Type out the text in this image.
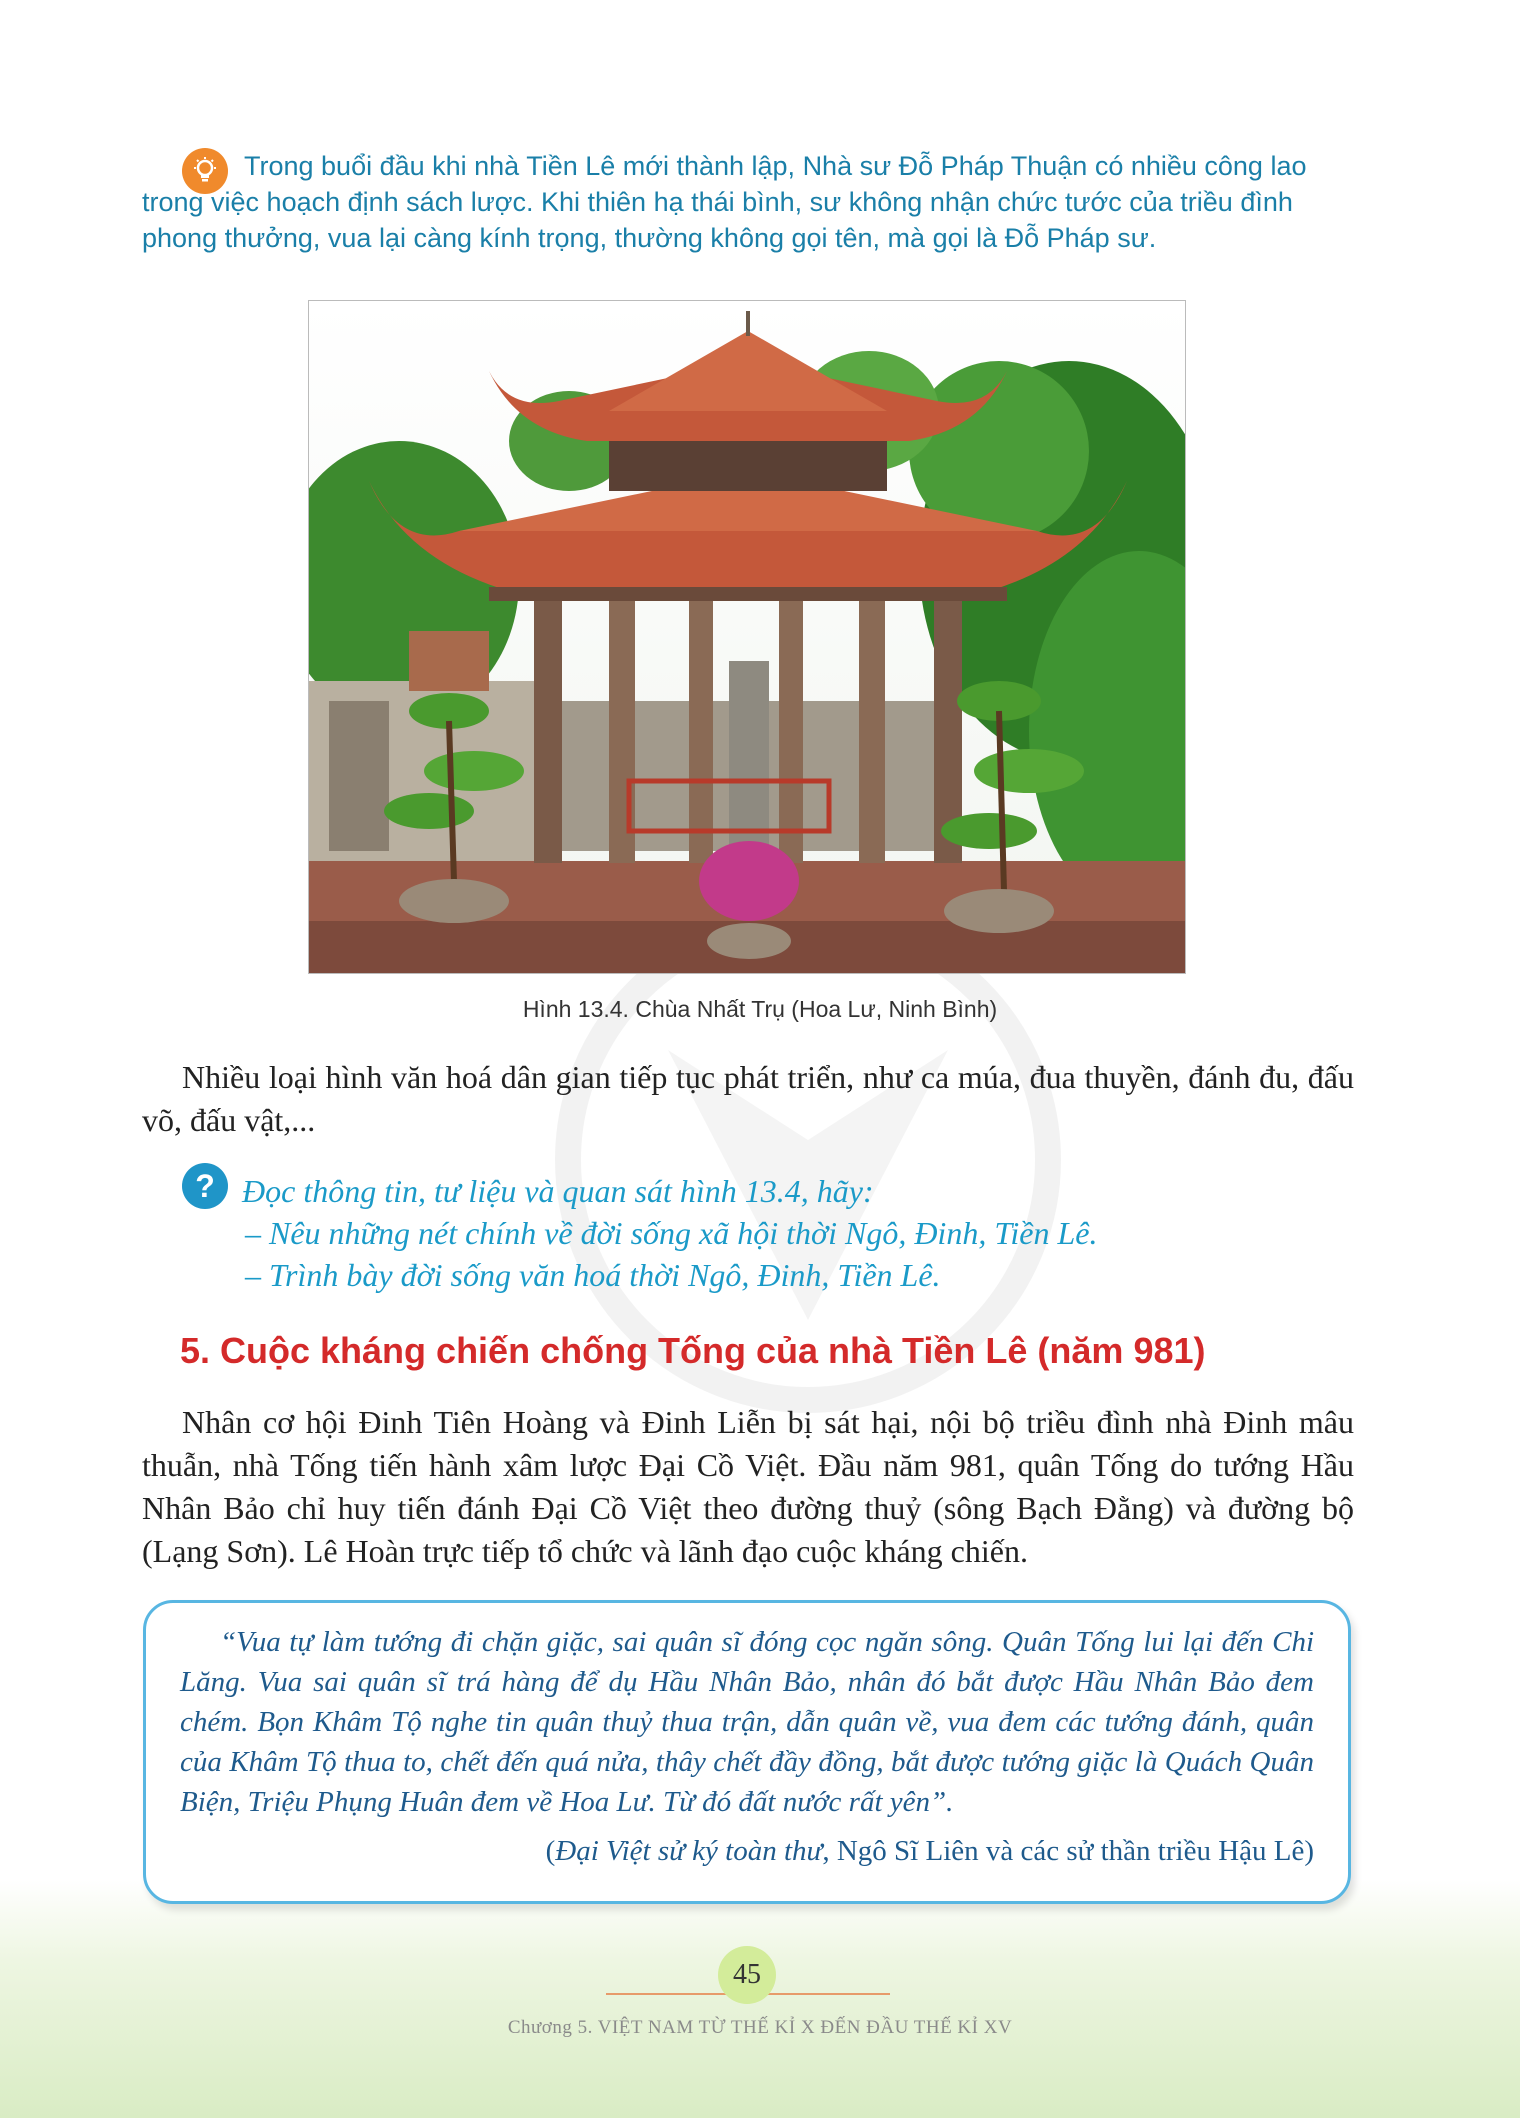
Trong buổi đầu khi nhà Tiền Lê mới thành lập, Nhà sư Đỗ Pháp Thuận có nhiều công lao trong việc hoạch định sách lược. Khi thiên hạ thái bình, sư không nhận chức tước của triều đình phong thưởng, vua lại càng kính trọng, thường không gọi tên, mà gọi là Đỗ Pháp sư.

Hình 13.4. Chùa Nhất Trụ (Hoa Lư, Ninh Bình)

Nhiều loại hình văn hoá dân gian tiếp tục phát triển, như ca múa, đua thuyền, đánh đu, đấu võ, đấu vật,...

? Đọc thông tin, tư liệu và quan sát hình 13.4, hãy:
– Nêu những nét chính về đời sống xã hội thời Ngô, Đinh, Tiền Lê.
– Trình bày đời sống văn hoá thời Ngô, Đinh, Tiền Lê.
5. Cuộc kháng chiến chống Tống của nhà Tiền Lê (năm 981)

Nhân cơ hội Đinh Tiên Hoàng và Đinh Liễn bị sát hại, nội bộ triều đình nhà Đinh mâu thuẫn, nhà Tống tiến hành xâm lược Đại Cồ Việt. Đầu năm 981, quân Tống do tướng Hầu Nhân Bảo chỉ huy tiến đánh Đại Cồ Việt theo đường thuỷ (sông Bạch Đằng) và đường bộ (Lạng Sơn). Lê Hoàn trực tiếp tổ chức và lãnh đạo cuộc kháng chiến.

“Vua tự làm tướng đi chặn giặc, sai quân sĩ đóng cọc ngăn sông. Quân Tống lui lại đến Chi Lăng. Vua sai quân sĩ trá hàng để dụ Hầu Nhân Bảo, nhân đó bắt được Hầu Nhân Bảo đem chém. Bọn Khâm Tộ nghe tin quân thuỷ thua trận, dẫn quân về, vua đem các tướng đánh, quân của Khâm Tộ thua to, chết đến quá nửa, thây chết đầy đồng, bắt được tướng giặc là Quách Quân Biện, Triệu Phụng Huân đem về Hoa Lư. Từ đó đất nước rất yên”.

(Đại Việt sử ký toàn thư, Ngô Sĩ Liên và các sử thần triều Hậu Lê)
45
Chương 5. VIỆT NAM TỪ THẾ KỈ X ĐẾN ĐẦU THẾ KỈ XV
